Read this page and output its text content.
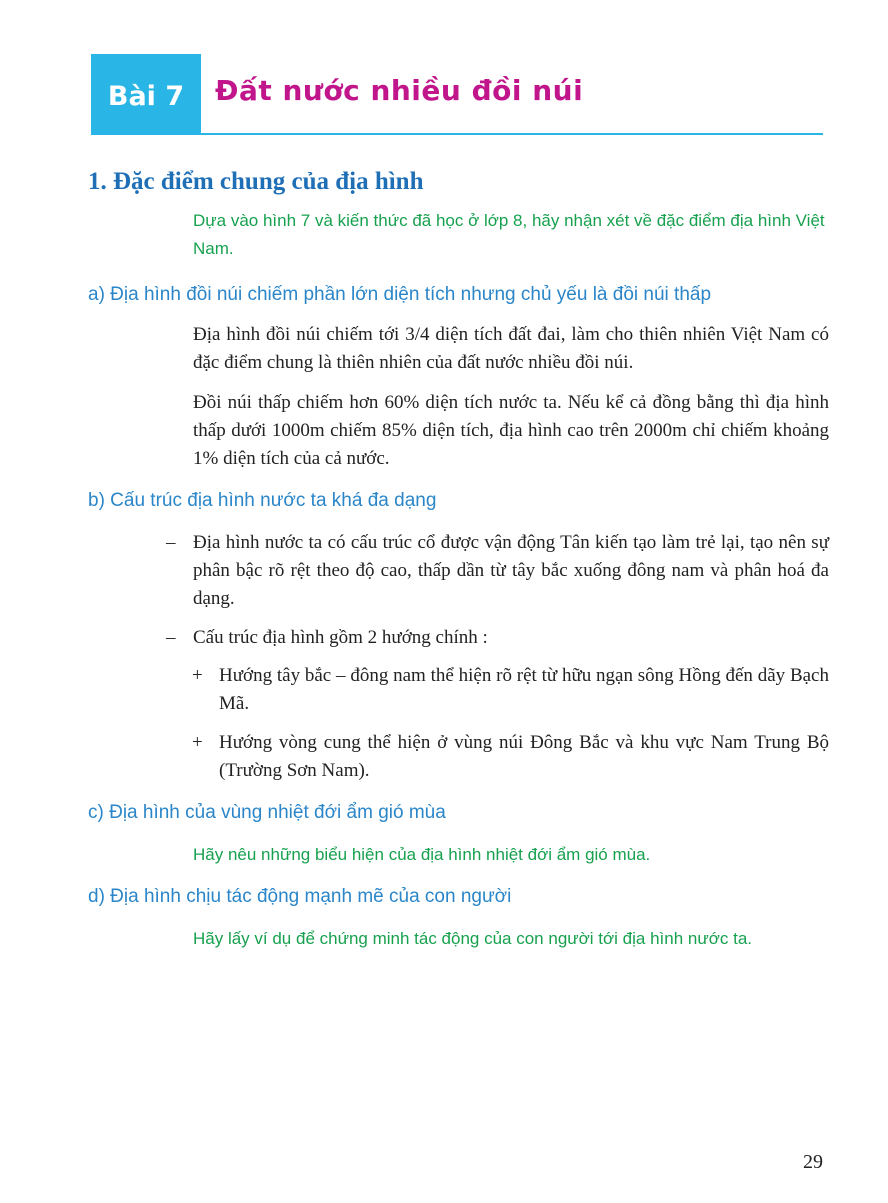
Bài 7	Đất nước nhiều đồi núi
1. Đặc điểm chung của địa hình
Dựa vào hình 7 và kiến thức đã học ở lớp 8, hãy nhận xét về đặc điểm địa hình Việt Nam.
a) Địa hình đồi núi chiếm phần lớn diện tích nhưng chủ yếu là đồi núi thấp

Địa hình đồi núi chiếm tới 3/4 diện tích đất đai, làm cho thiên nhiên Việt Nam có đặc điểm chung là thiên nhiên của đất nước nhiều đồi núi.

Đồi núi thấp chiếm hơn 60% diện tích nước ta. Nếu kể cả đồng bằng thì địa hình thấp dưới 1000m chiếm 85% diện tích, địa hình cao trên 2000m chỉ chiếm khoảng 1% diện tích của cả nước.

b) Cấu trúc địa hình nước ta khá đa dạng
– Địa hình nước ta có cấu trúc cổ được vận động Tân kiến tạo làm trẻ lại, tạo nên sự phân bậc rõ rệt theo độ cao, thấp dần từ tây bắc xuống đông nam và phân hoá đa dạng.

– Cấu trúc địa hình gồm 2 hướng chính :

+ Hướng tây bắc – đông nam thể hiện rõ rệt từ hữu ngạn sông Hồng đến dãy Bạch Mã.

+ Hướng vòng cung thể hiện ở vùng núi Đông Bắc và khu vực Nam Trung Bộ (Trường Sơn Nam).

c) Địa hình của vùng nhiệt đới ẩm gió mùa
Hãy nêu những biểu hiện của địa hình nhiệt đới ẩm gió mùa.
d) Địa hình chịu tác động mạnh mẽ của con người
Hãy lấy ví dụ để chứng minh tác động của con người tới địa hình nước ta.
29
